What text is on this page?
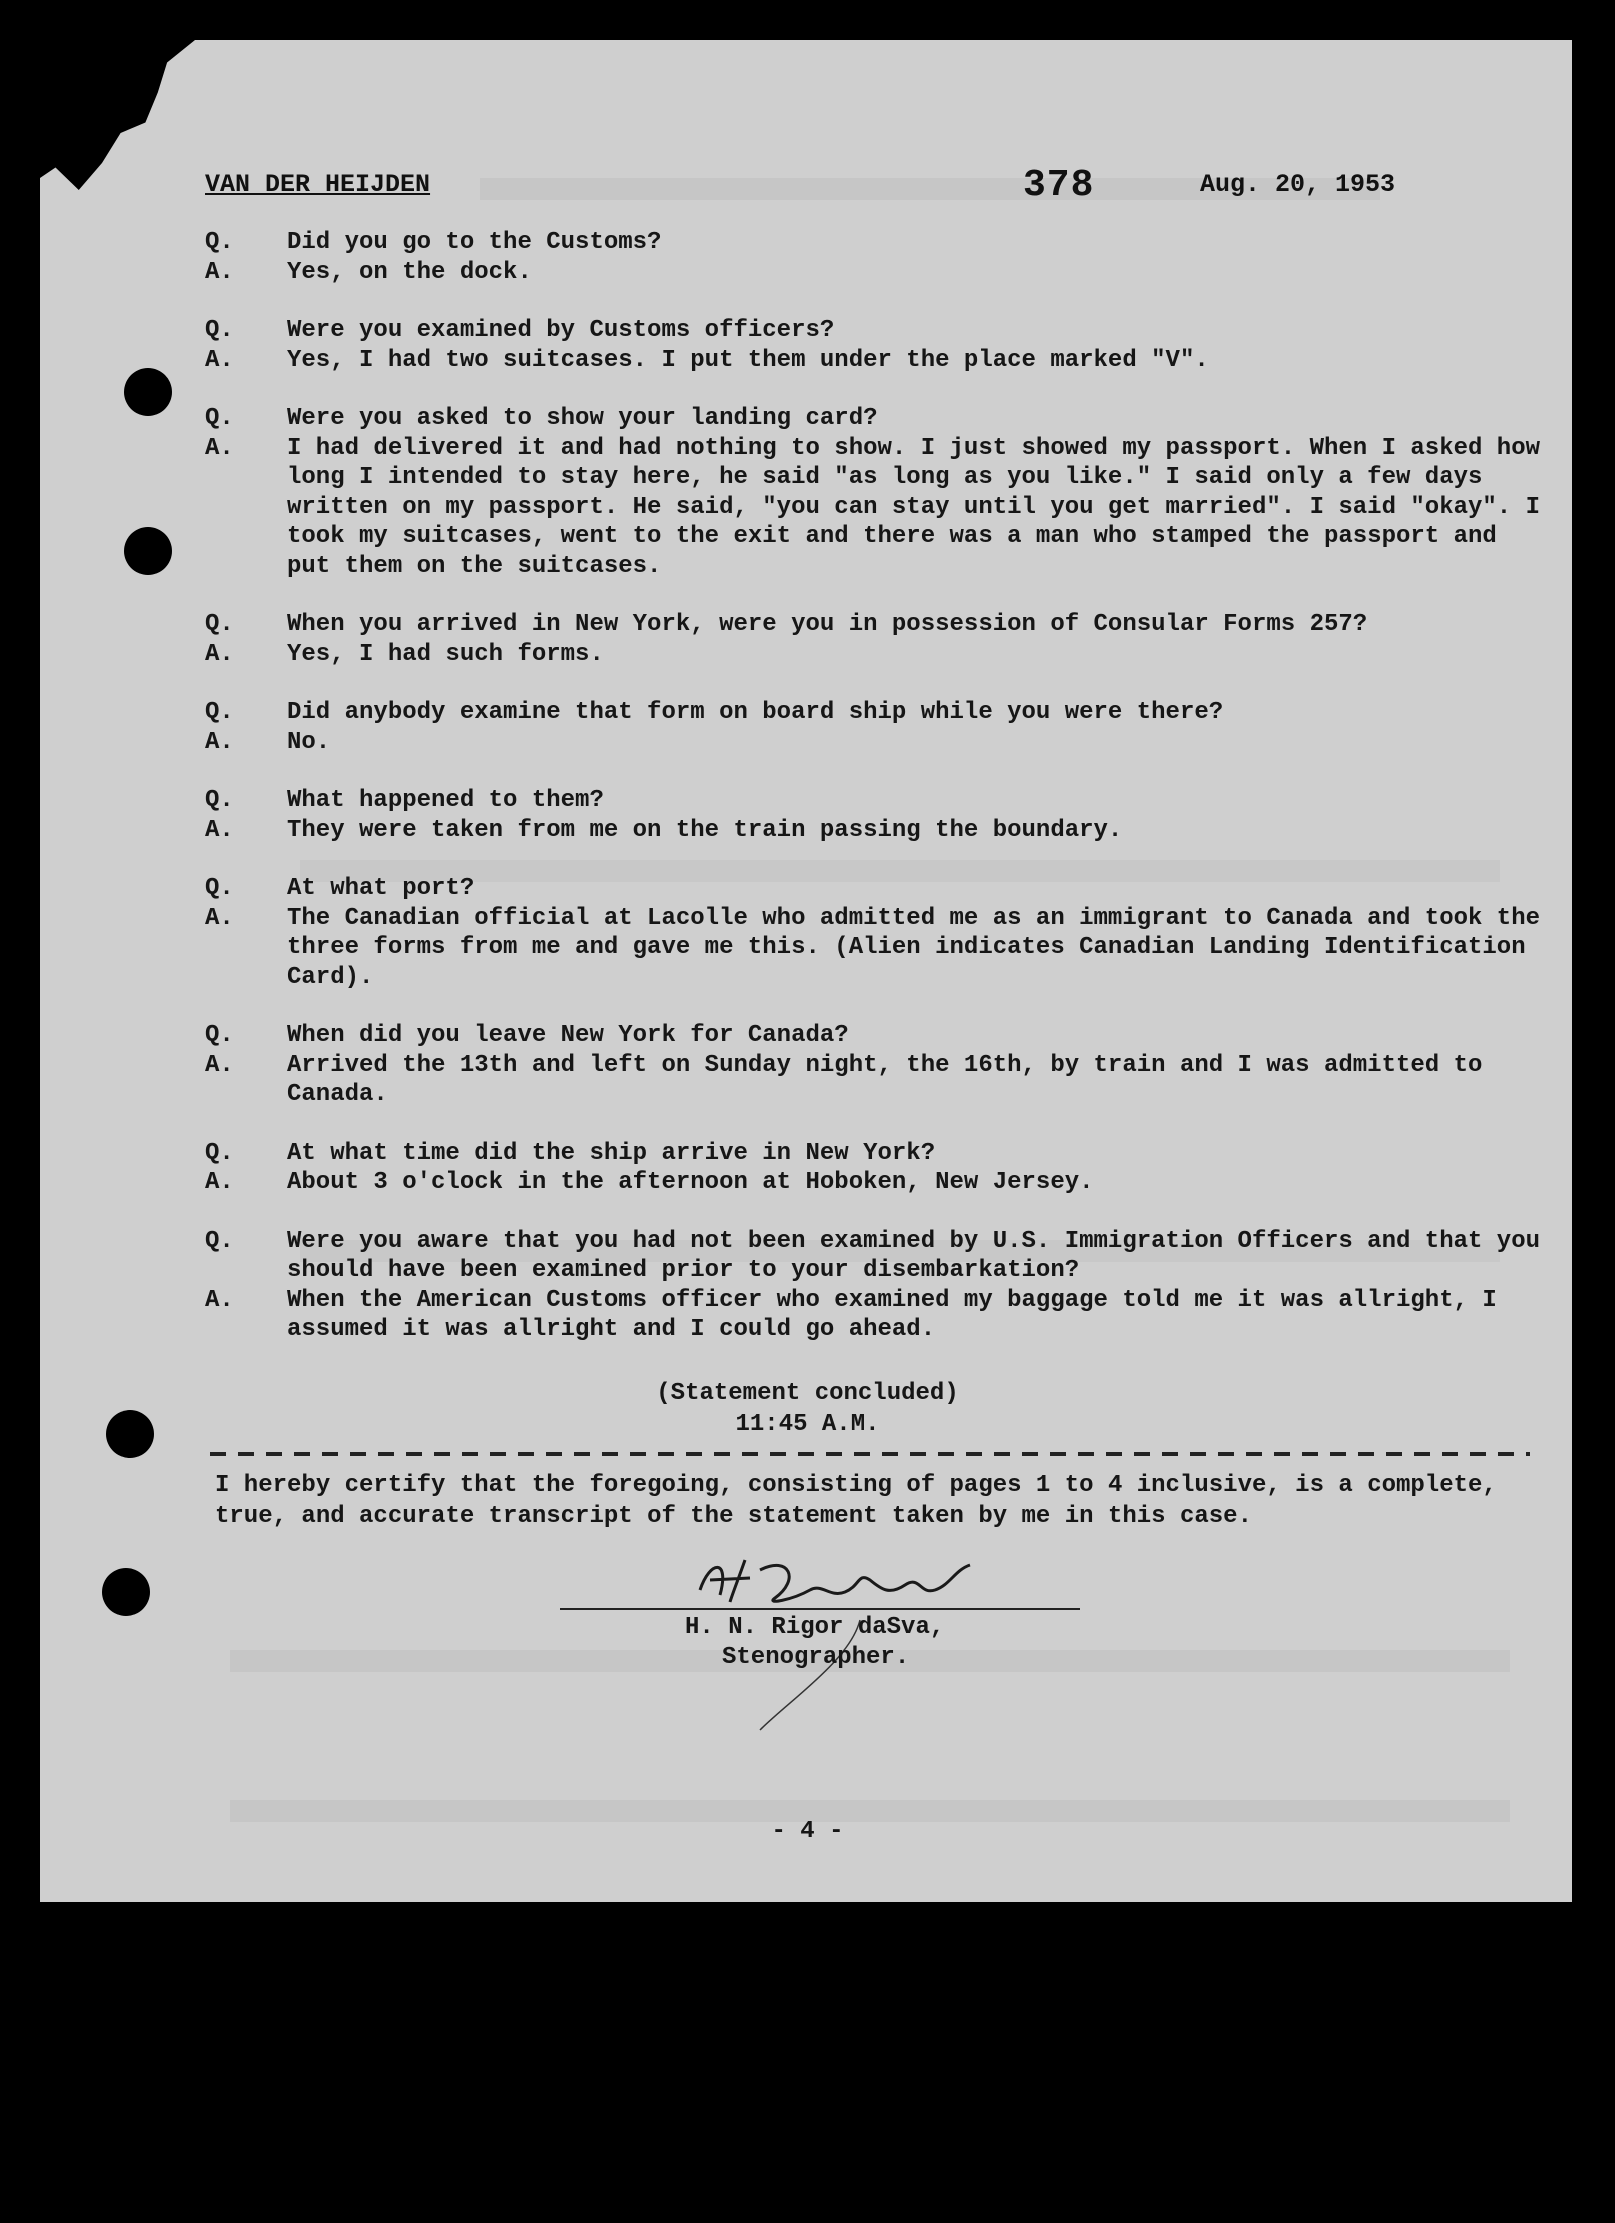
VAN DER HEIJDEN	378	Aug. 20, 1953
Q.	Did you go to the Customs?
A.	Yes, on the dock.
Q.	Were you examined by Customs officers?
A.	Yes, I had two suitcases. I put them under the place marked "V".
Q.	Were you asked to show your landing card?
A.	I had delivered it and had nothing to show. I just showed my passport. When I asked how long I intended to stay here, he said "as long as you like." I said only a few days written on my passport. He said, "you can stay until you get married". I said "okay". I took my suitcases, went to the exit and there was a man who stamped the passport and put them on the suitcases.
Q.	When you arrived in New York, were you in possession of Consular Forms 257?
A.	Yes, I had such forms.
Q.	Did anybody examine that form on board ship while you were there?
A.	No.
Q.	What happened to them?
A.	They were taken from me on the train passing the boundary.
Q.	At what port?
A.	The Canadian official at Lacolle who admitted me as an immigrant to Canada and took the three forms from me and gave me this. (Alien indicates Canadian Landing Identification Card).
Q.	When did you leave New York for Canada?
A.	Arrived the 13th and left on Sunday night, the 16th, by train and I was admitted to Canada.
Q.	At what time did the ship arrive in New York?
A.	About 3 o'clock in the afternoon at Hoboken, New Jersey.
Q.	Were you aware that you had not been examined by U.S. Immigration Officers and that you should have been examined prior to your disembarkation?
A.	When the American Customs officer who examined my baggage told me it was allright, I assumed it was allright and I could go ahead.
(Statement concluded)
11:45 A.M.
I hereby certify that the foregoing, consisting of pages 1 to 4 inclusive, is a complete, true, and accurate transcript of the statement taken by me in this case.
H. N. Rigor daSva,
Stenographer.
- 4 -
